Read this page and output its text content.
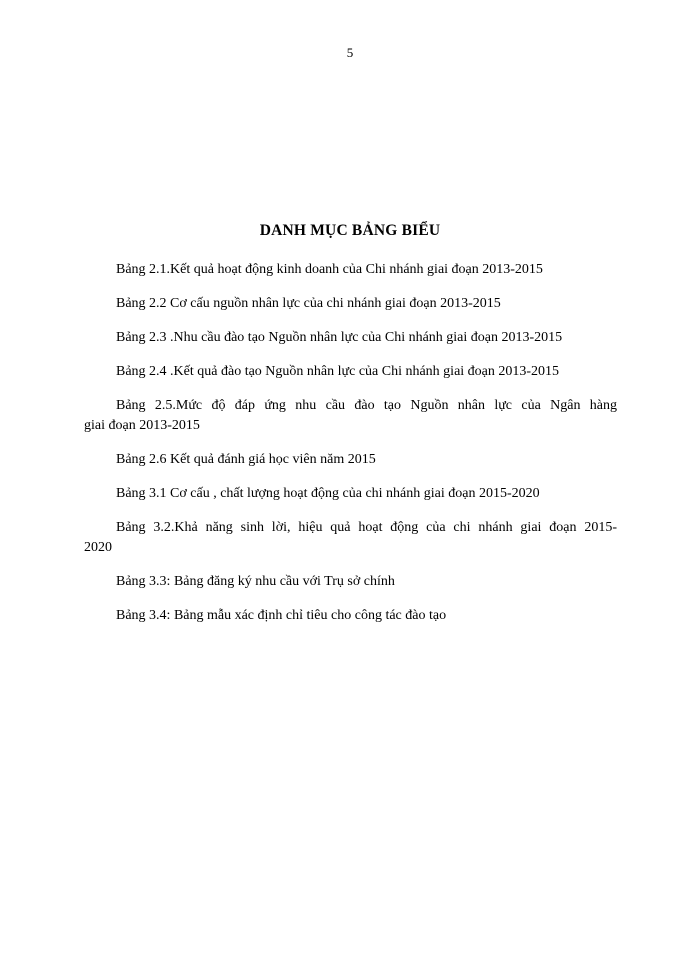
5
DANH MỤC BẢNG BIỂU
Bảng 2.1.Kết quả hoạt động kinh doanh của Chi nhánh giai đoạn 2013-2015
Bảng 2.2 Cơ cấu nguồn nhân lực của chi nhánh giai đoạn 2013-2015
Bảng 2.3 .Nhu cầu đào tạo Nguồn nhân lực của Chi nhánh giai đoạn 2013-2015
Bảng 2.4 .Kết quả đào tạo Nguồn nhân lực của Chi nhánh giai đoạn 2013-2015
Bảng 2.5.Mức độ đáp ứng nhu cầu đào tạo Nguồn nhân lực của Ngân hàng
giai đoạn 2013-2015
Bảng 2.6 Kết quả đánh giá học viên năm 2015
Bảng 3.1 Cơ cấu , chất lượng hoạt động của chi nhánh giai đoạn 2015-2020
Bảng 3.2.Khả năng sinh lời, hiệu quả hoạt động của chi nhánh giai đoạn 2015-
2020
Bảng 3.3: Bảng đăng ký nhu cầu với Trụ sở chính
Bảng 3.4: Bảng mẫu xác định chỉ tiêu cho công tác đào tạo
